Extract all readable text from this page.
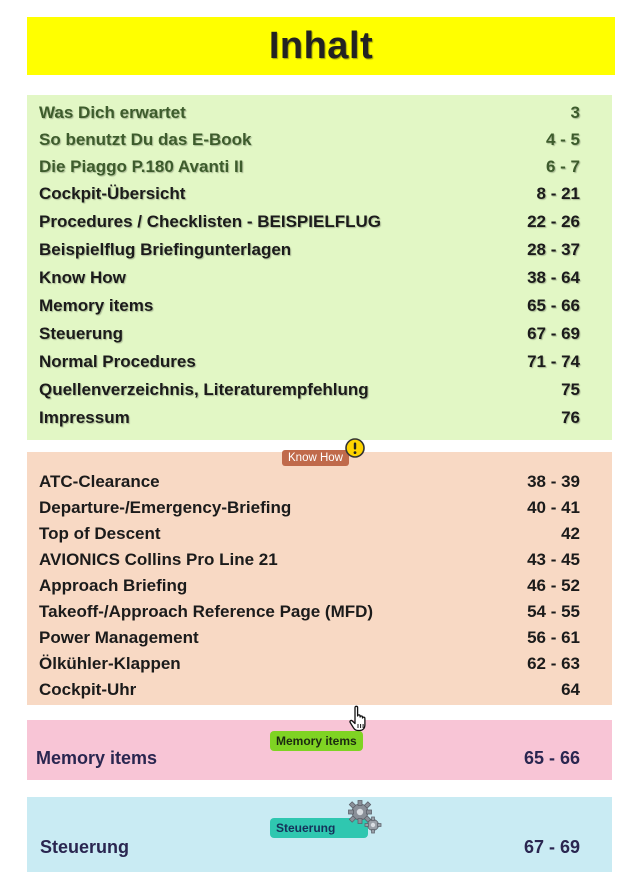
Inhalt
Was Dich erwartet	3
So benutzt Du das E-Book	4 - 5
Die Piaggo P.180 Avanti II	6 - 7
Cockpit-Übersicht	8 - 21
Procedures / Checklisten - BEISPIELFLUG	22 - 26
Beispielflug Briefingunterlagen	28 - 37
Know How	38 - 64
Memory items	65 - 66
Steuerung	67 - 69
Normal Procedures	71 - 74
Quellenverzeichnis, Literaturempfehlung	75
Impressum	76
ATC-Clearance	38 - 39
Departure-/Emergency-Briefing	40 - 41
Top of Descent	42
AVIONICS Collins Pro Line 21	43 - 45
Approach Briefing	46 - 52
Takeoff-/Approach Reference Page (MFD)	54 - 55
Power Management	56 - 61
Ölkühler-Klappen	62 - 63
Cockpit-Uhr	64
Know How
Memory items	65 - 66
Memory items
Steuerung	67 - 69
Steuerung
